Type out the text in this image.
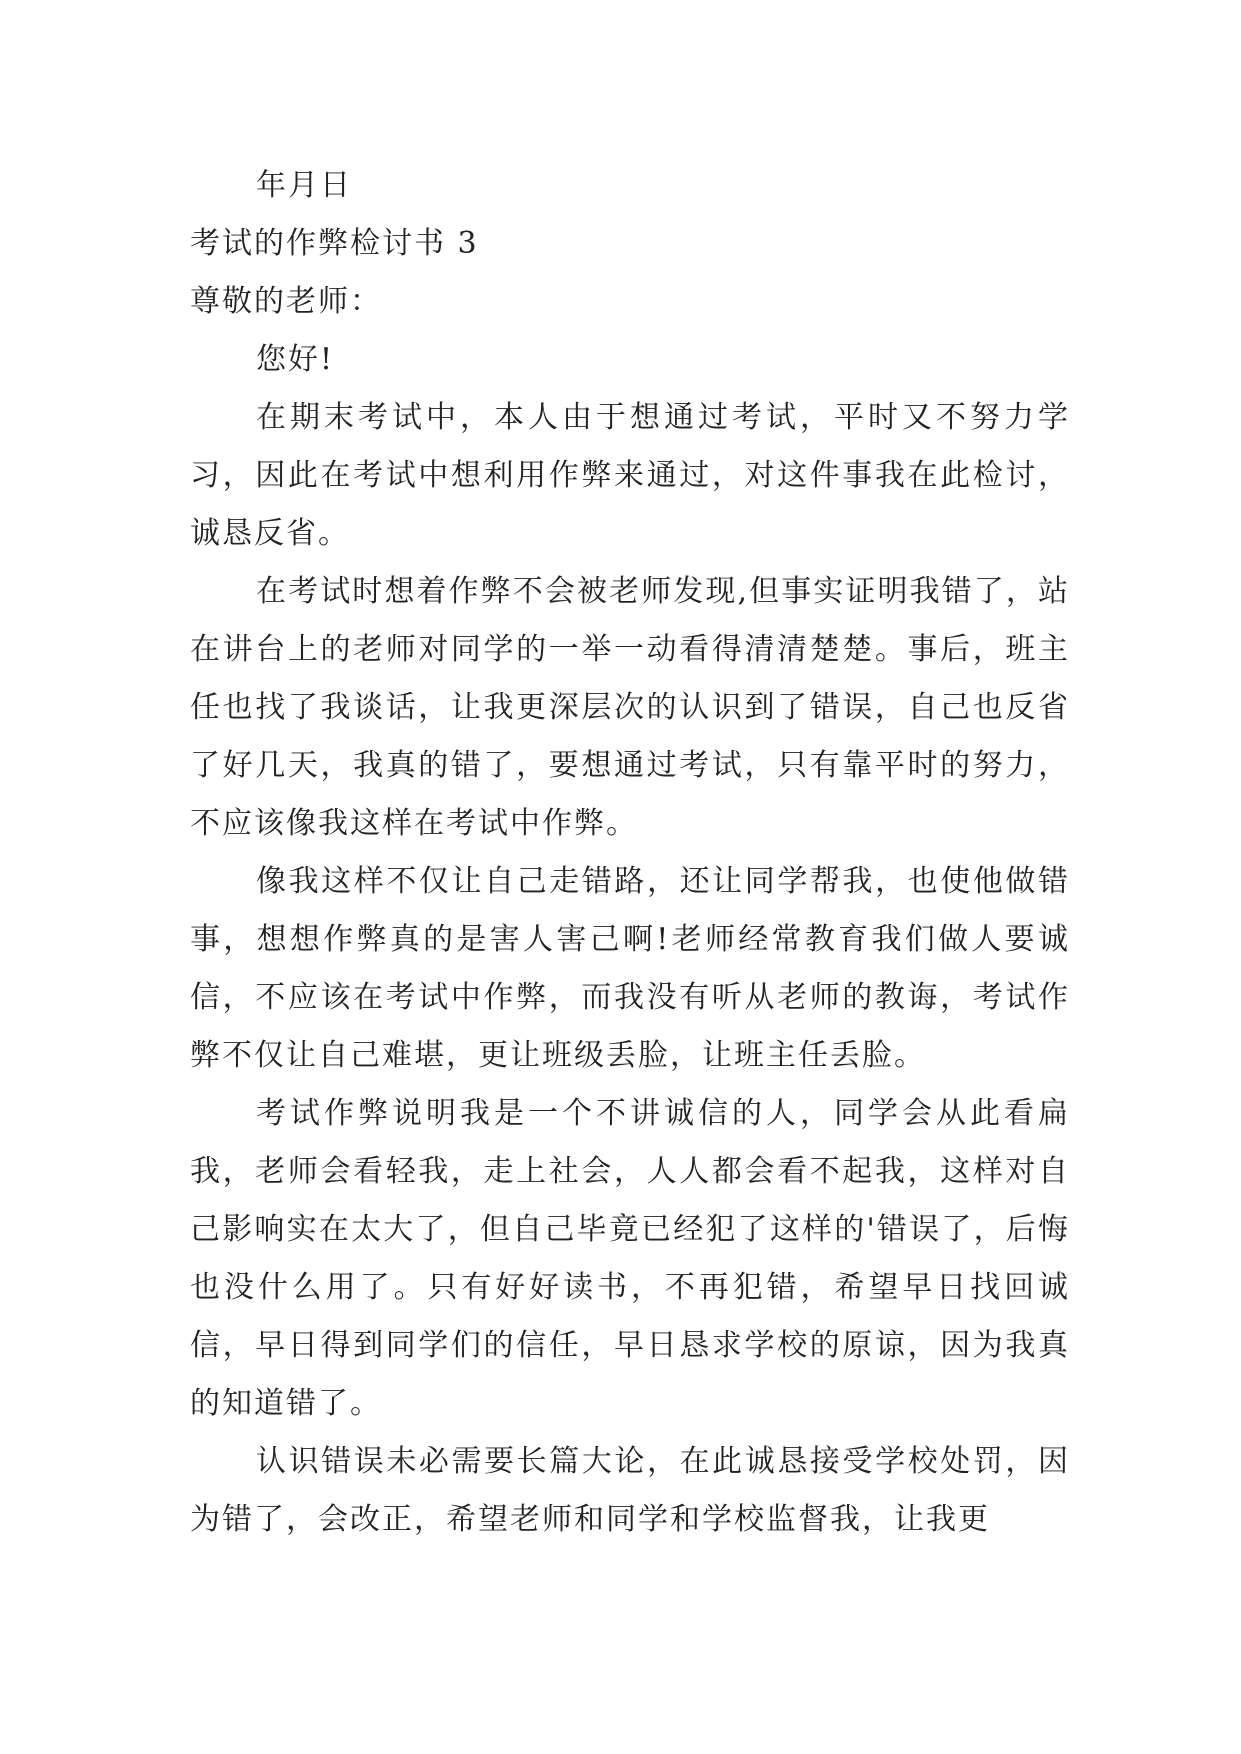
年月日

考试的作弊检讨书 3

尊敬的老师：

您好!

在期末考试中，本人由于想通过考试，平时又不努力学习，因此在考试中想利用作弊来通过，对这件事我在此检讨，诚恳反省。

在考试时想着作弊不会被老师发现,但事实证明我错了，站在讲台上的老师对同学的一举一动看得清清楚楚。事后，班主任也找了我谈话，让我更深层次的认识到了错误，自己也反省了好几天，我真的错了，要想通过考试，只有靠平时的努力，不应该像我这样在考试中作弊。

像我这样不仅让自己走错路，还让同学帮我，也使他做错事，想想作弊真的是害人害己啊!老师经常教育我们做人要诚信，不应该在考试中作弊，而我没有听从老师的教诲，考试作弊不仅让自己难堪，更让班级丢脸，让班主任丢脸。

考试作弊说明我是一个不讲诚信的人，同学会从此看扁我，老师会看轻我，走上社会，人人都会看不起我，这样对自己影响实在太大了，但自己毕竟已经犯了这样的'错误了，后悔也没什么用了。只有好好读书，不再犯错，希望早日找回诚信，早日得到同学们的信任，早日恳求学校的原谅，因为我真的知道错了。

认识错误未必需要长篇大论，在此诚恳接受学校处罚，因为错了，会改正，希望老师和同学和学校监督我，让我更
